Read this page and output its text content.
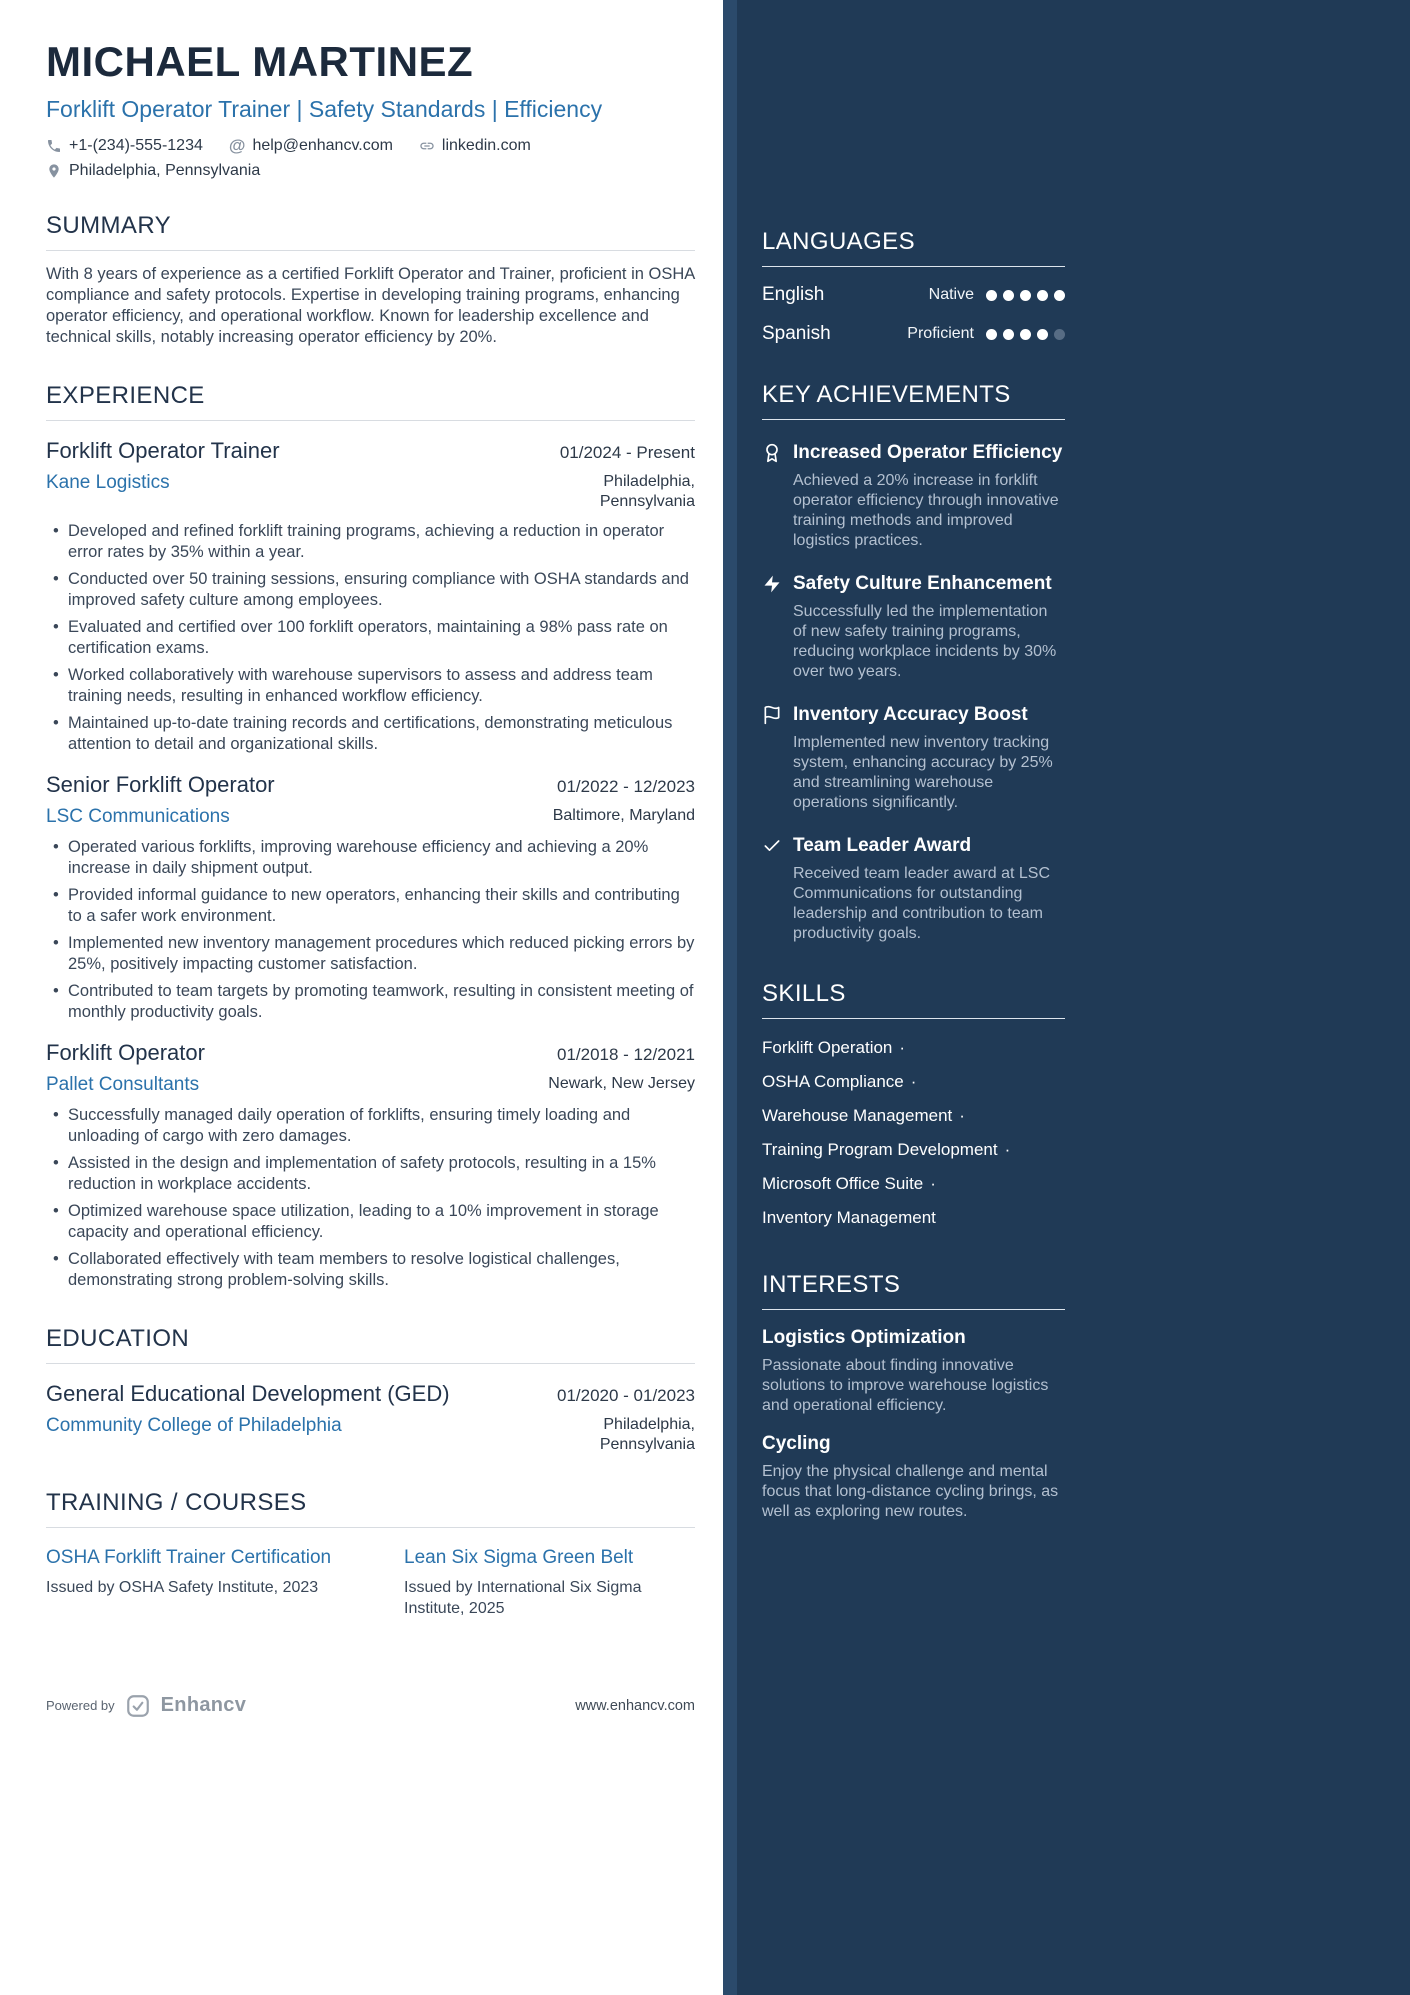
MICHAEL MARTINEZ
Forklift Operator Trainer | Safety Standards | Efficiency
+1-(234)-555-1234 @ help@enhancv.com	linkedin.com
Philadelphia, Pennsylvania
SUMMARY

With 8 years of experience as a certified Forklift Operator and Trainer, proficient in OSHA compliance and safety protocols. Expertise in developing training programs, enhancing operator efficiency, and operational workflow. Known for leadership excellence and technical skills, notably increasing operator efficiency by 20%.

EXPERIENCE
Forklift Operator Trainer	01/2024 - Present
Kane Logistics	Philadelphia, Pennsylvania
• Developed and refined forklift training programs, achieving a reduction in operator error rates by 35% within a year.
• Conducted over 50 training sessions, ensuring compliance with OSHA standards and improved safety culture among employees.
• Evaluated and certified over 100 forklift operators, maintaining a 98% pass rate on certification exams.
• Worked collaboratively with warehouse supervisors to assess and address team training needs, resulting in enhanced workflow efficiency.
• Maintained up-to-date training records and certifications, demonstrating meticulous attention to detail and organizational skills.
Senior Forklift Operator	01/2022 - 12/2023
LSC Communications	Baltimore, Maryland
• Operated various forklifts, improving warehouse efficiency and achieving a 20% increase in daily shipment output.
• Provided informal guidance to new operators, enhancing their skills and contributing to a safer work environment.
• Implemented new inventory management procedures which reduced picking errors by 25%, positively impacting customer satisfaction.
• Contributed to team targets by promoting teamwork, resulting in consistent meeting of monthly productivity goals.
Forklift Operator	01/2018 - 12/2021
Pallet Consultants	Newark, New Jersey
• Successfully managed daily operation of forklifts, ensuring timely loading and unloading of cargo with zero damages.
• Assisted in the design and implementation of safety protocols, resulting in a 15% reduction in workplace accidents.
• Optimized warehouse space utilization, leading to a 10% improvement in storage capacity and operational efficiency.
• Collaborated effectively with team members to resolve logistical challenges, demonstrating strong problem-solving skills.
EDUCATION
General Educational Development (GED)	01/2020 - 01/2023
Community College of Philadelphia	Philadelphia, Pennsylvania
TRAINING / COURSES
OSHA Forklift Trainer Certification
Issued by OSHA Safety Institute, 2023
Lean Six Sigma Green Belt
Issued by International Six Sigma Institute, 2025
Powered by Enhancv	www.enhancv.com
LANGUAGES
English	Native
Spanish	Proficient
KEY ACHIEVEMENTS
Increased Operator Efficiency
Achieved a 20% increase in forklift operator efficiency through innovative training methods and improved logistics practices.
Safety Culture Enhancement
Successfully led the implementation of new safety training programs, reducing workplace incidents by 30% over two years.
Inventory Accuracy Boost
Implemented new inventory tracking system, enhancing accuracy by 25% and streamlining warehouse operations significantly.
Team Leader Award
Received team leader award at LSC Communications for outstanding leadership and contribution to team productivity goals.
SKILLS
Forklift Operation · OSHA Compliance · Warehouse Management · Training Program Development · Microsoft Office Suite · Inventory Management
INTERESTS
Logistics Optimization
Passionate about finding innovative solutions to improve warehouse logistics and operational efficiency.
Cycling
Enjoy the physical challenge and mental focus that long-distance cycling brings, as well as exploring new routes.
